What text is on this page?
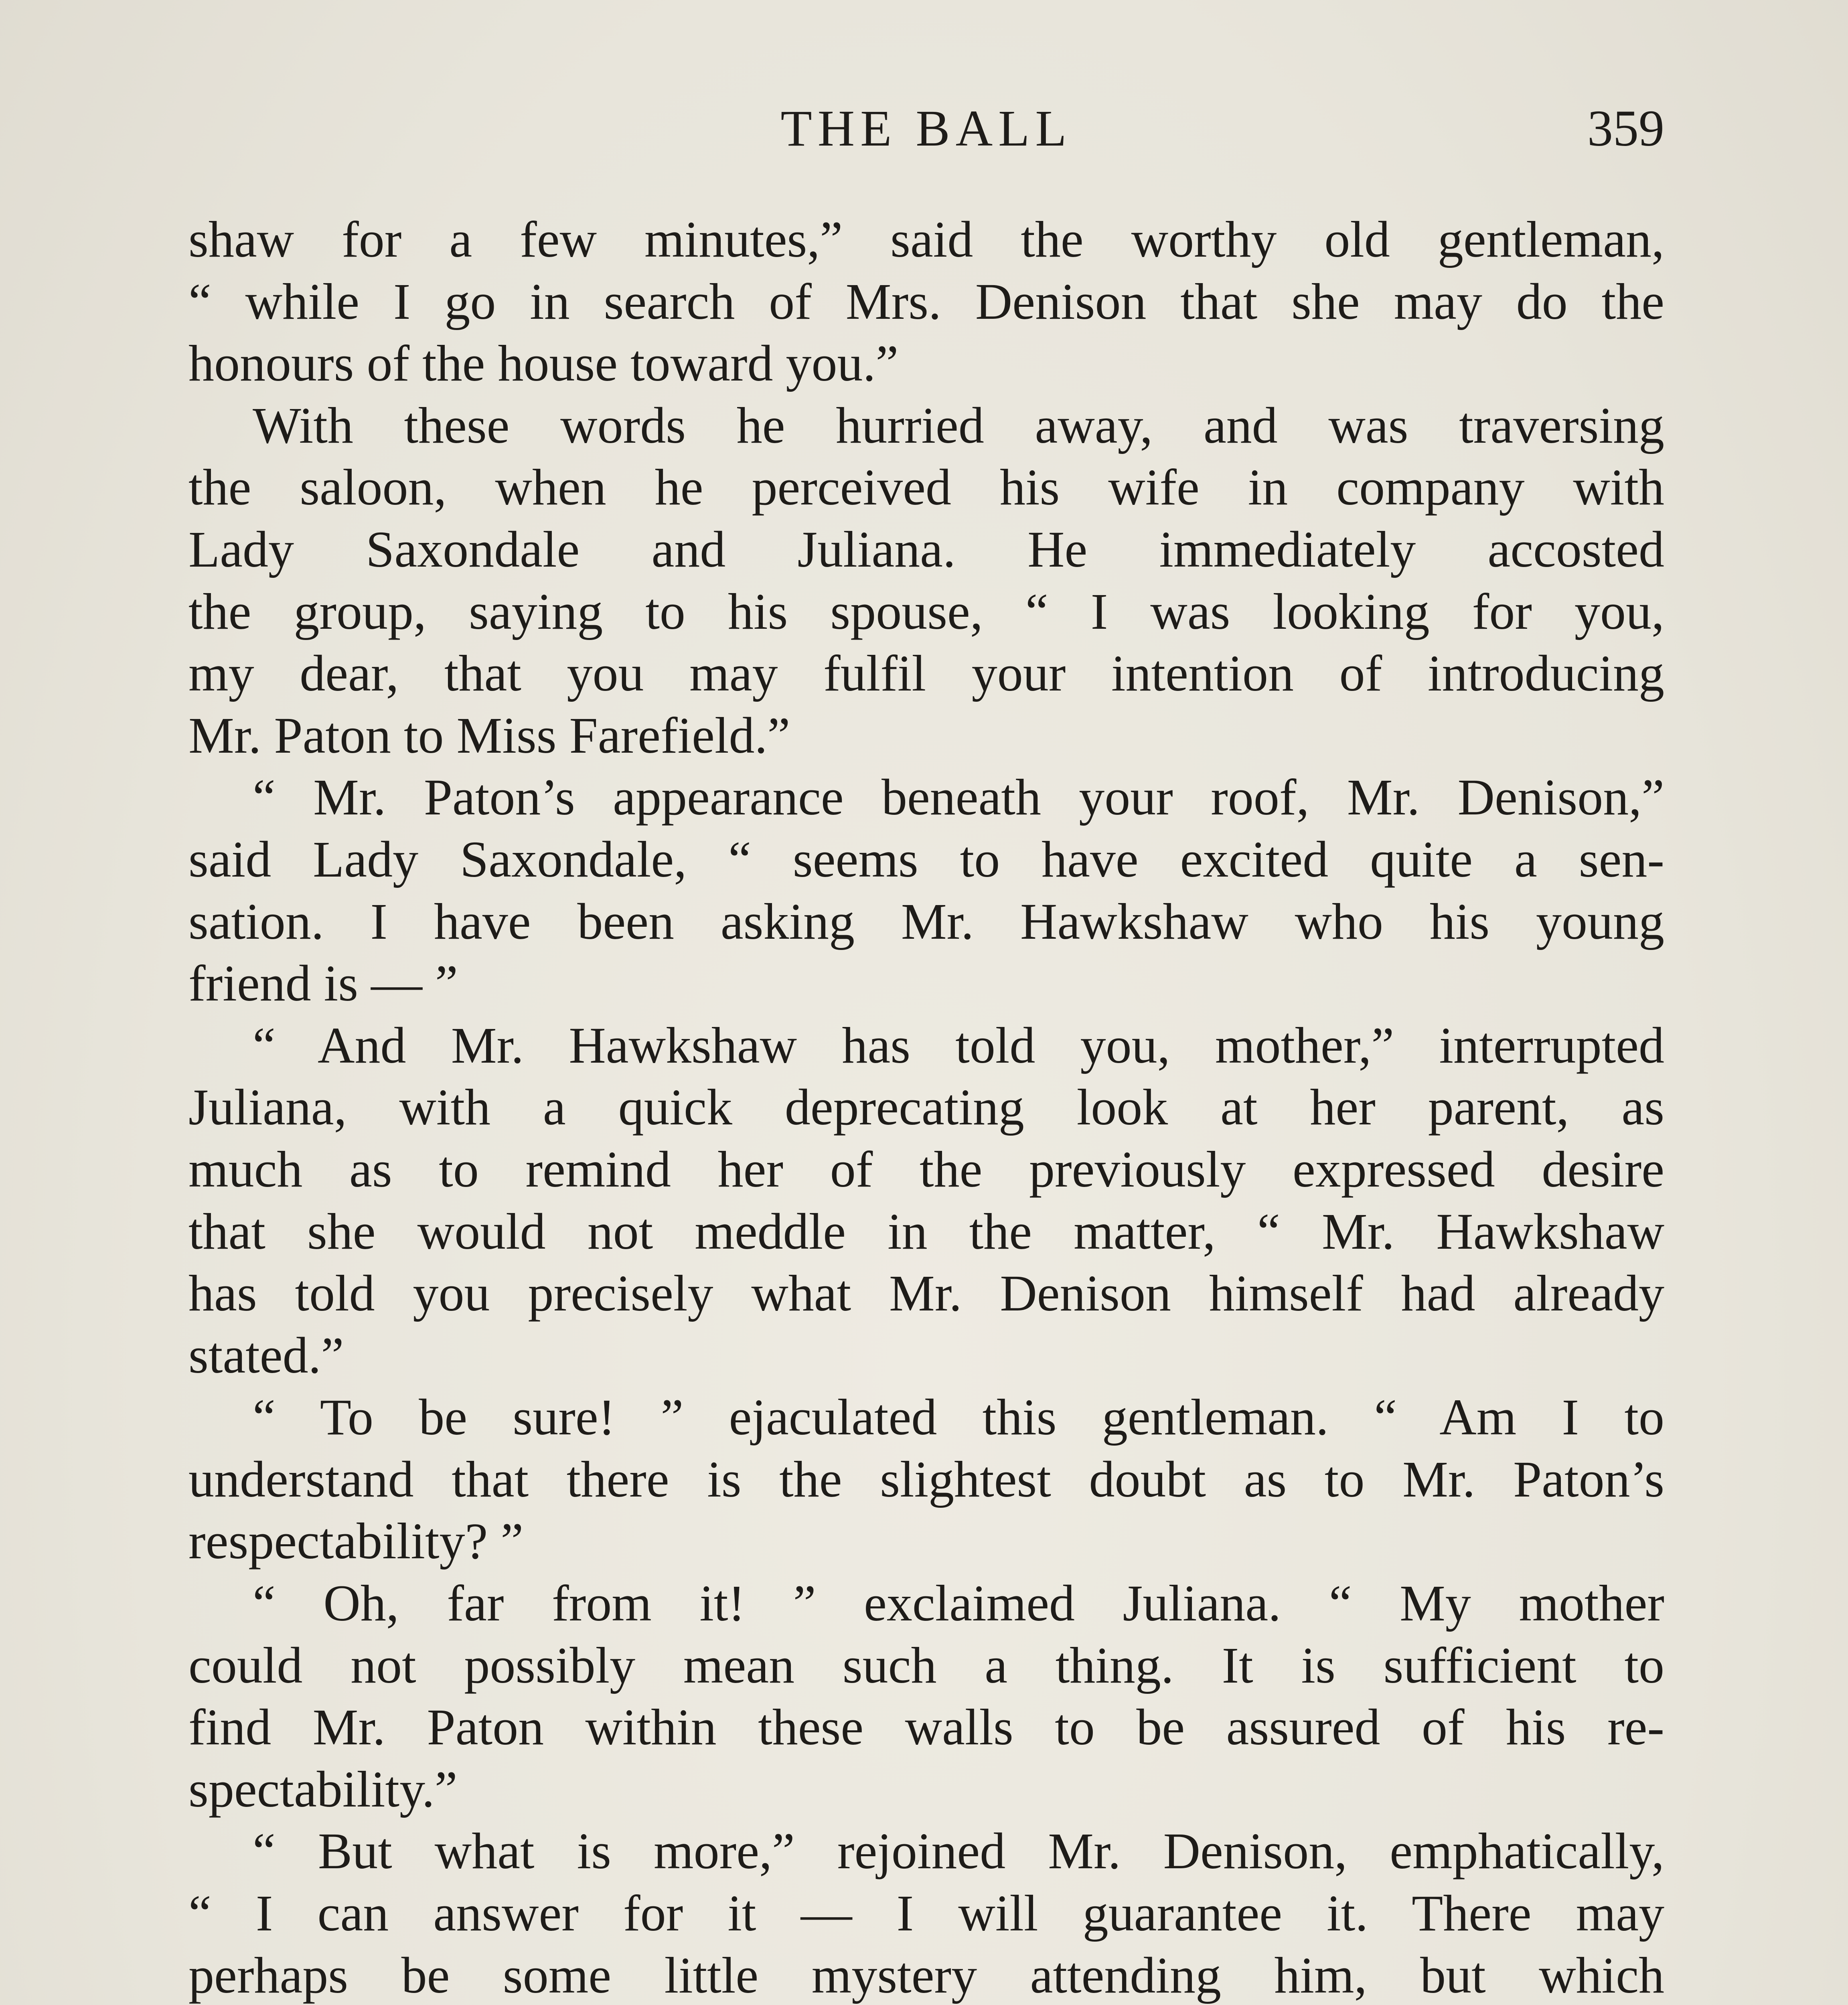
THE BALL	359
shaw for a few minutes,” said the worthy old gentleman,
“ while I go in search of Mrs. Denison that she may do the
honours of the house toward you.”
With these words he hurried away, and was traversing
the saloon, when he perceived his wife in company with
Lady Saxondale and Juliana. He immediately accosted
the group, saying to his spouse, “ I was looking for you,
my dear, that you may fulfil your intention of introducing
Mr. Paton to Miss Farefield.”
“ Mr. Paton’s appearance beneath your roof, Mr. Denison,”
said Lady Saxondale, “ seems to have excited quite a sen-
sation. I have been asking Mr. Hawkshaw who his young
friend is — ”
“ And Mr. Hawkshaw has told you, mother,” interrupted
Juliana, with a quick deprecating look at her parent, as
much as to remind her of the previously expressed desire
that she would not meddle in the matter, “ Mr. Hawkshaw
has told you precisely what Mr. Denison himself had already
stated.”
“ To be sure! ” ejaculated this gentleman. “ Am I to
understand that there is the slightest doubt as to Mr. Paton’s
respectability? ”
“ Oh, far from it! ” exclaimed Juliana. “ My mother
could not possibly mean such a thing. It is sufficient to
find Mr. Paton within these walls to be assured of his re-
spectability.”
“ But what is more,” rejoined Mr. Denison, emphatically,
“ I can answer for it — I will guarantee it. There may
perhaps be some little mystery attending him, but which
